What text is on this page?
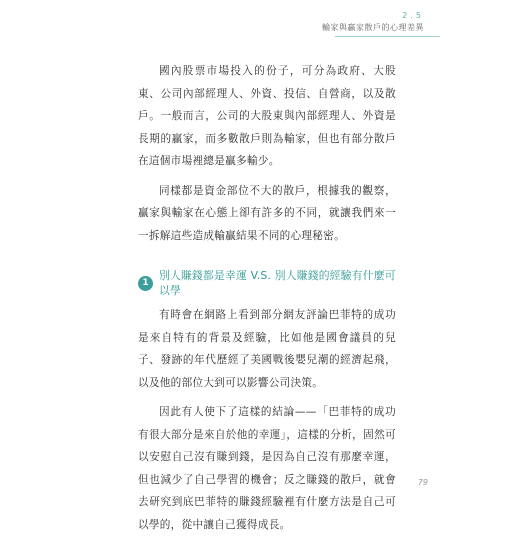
2.5
輸家與贏家散戶的心理差異

國內股票市場投入的份子，可分為政府、大股東、公司內部經理人、外資、投信、自營商，以及散戶。一般而言，公司的大股東與內部經理人、外資是長期的贏家，而多數散戶則為輸家，但也有部分散戶在這個市場裡總是贏多輸少。

同樣都是資金部位不大的散戶，根據我的觀察，贏家與輸家在心態上卻有許多的不同，就讓我們來一一拆解這些造成輸贏結果不同的心理秘密。

1
別人賺錢都是幸運 V.S. 別人賺錢的經驗有什麼可以學

有時會在網路上看到部分網友評論巴菲特的成功是來自特有的背景及經驗，比如他是國會議員的兒子、發跡的年代歷經了美國戰後嬰兒潮的經濟起飛，以及他的部位大到可以影響公司決策。

因此有人使下了這樣的結論——「巴菲特的成功有很大部分是來自於他的幸運」，這樣的分析，固然可以安慰自己沒有賺到錢，是因為自己沒有那麼幸運，但也減少了自己學習的機會；反之賺錢的散戶，就會去研究到底巴菲特的賺錢經驗裡有什麼方法是自己可以學的，從中讓自己獲得成長。

79
